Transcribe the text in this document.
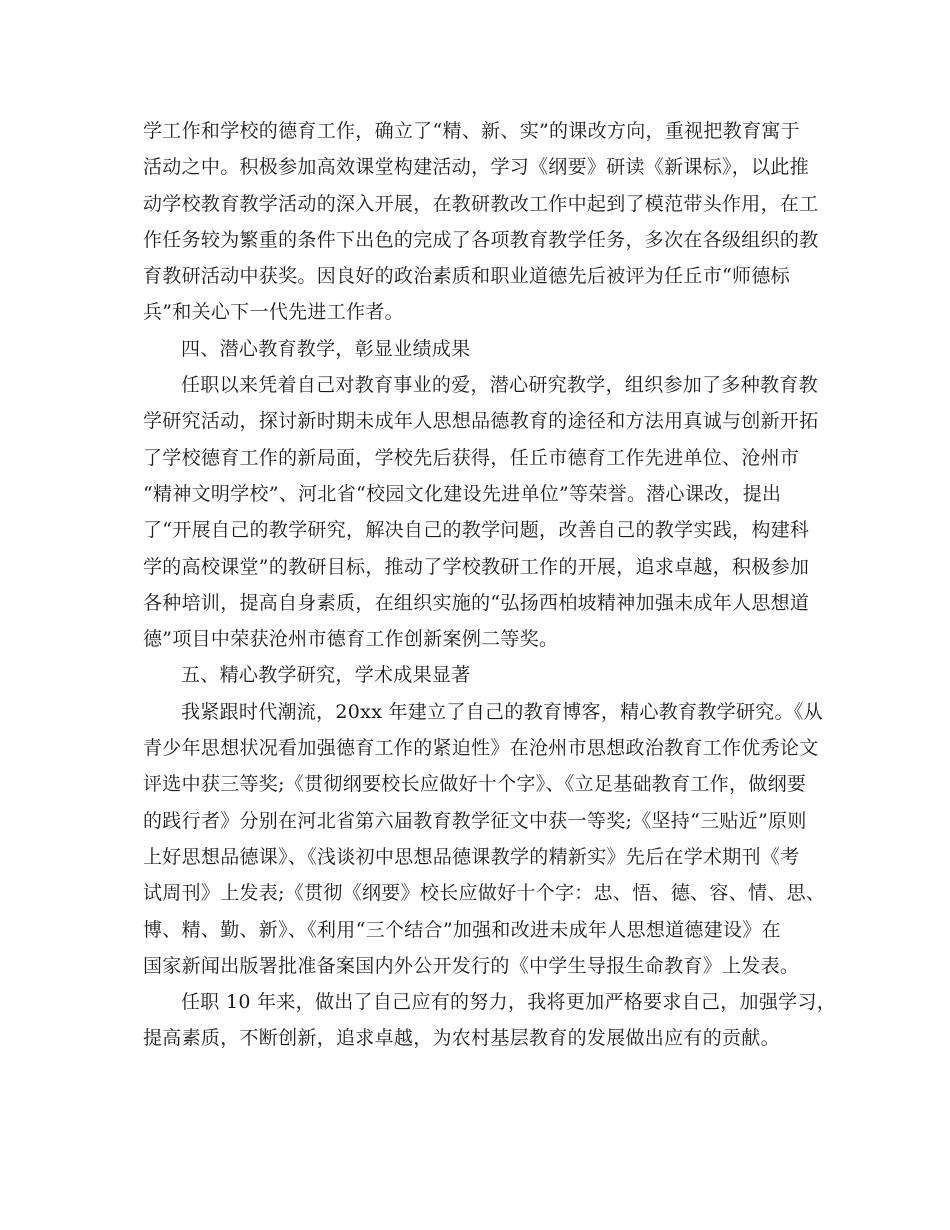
学工作和学校的德育工作，确立了“精、新、实”的课改方向，重视把教育寓于
活动之中。积极参加高效课堂构建活动，学习《纲要》研读《新课标》，以此推
动学校教育教学活动的深入开展，在教研教改工作中起到了模范带头作用，在工
作任务较为繁重的条件下出色的完成了各项教育教学任务，多次在各级组织的教
育教研活动中获奖。因良好的政治素质和职业道德先后被评为任丘市“师德标
兵”和关心下一代先进工作者。
四、潜心教育教学，彰显业绩成果
任职以来凭着自己对教育事业的爱，潜心研究教学，组织参加了多种教育教
学研究活动，探讨新时期未成年人思想品德教育的途径和方法用真诚与创新开拓
了学校德育工作的新局面，学校先后获得，任丘市德育工作先进单位、沧州市
“精神文明学校”、河北省“校园文化建设先进单位”等荣誉。潜心课改，提出
了“开展自己的教学研究，解决自己的教学问题，改善自己的教学实践，构建科
学的高校课堂”的教研目标，推动了学校教研工作的开展，追求卓越，积极参加
各种培训，提高自身素质，在组织实施的“弘扬西柏坡精神加强未成年人思想道
德”项目中荣获沧州市德育工作创新案例二等奖。
五、精心教学研究，学术成果显著
我紧跟时代潮流，20xx 年建立了自己的教育博客，精心教育教学研究。《从
青少年思想状况看加强德育工作的紧迫性》在沧州市思想政治教育工作优秀论文
评选中获三等奖;《贯彻纲要校长应做好十个字》、《立足基础教育工作，做纲要
的践行者》分别在河北省第六届教育教学征文中获一等奖;《坚持“三贴近”原则
上好思想品德课》、《浅谈初中思想品德课教学的精新实》先后在学术期刊《考
试周刊》上发表;《贯彻《纲要》校长应做好十个字：忠、悟、德、容、情、思、
博、精、勤、新》、《利用“三个结合”加强和改进未成年人思想道德建设》在
国家新闻出版署批准备案国内外公开发行的《中学生导报生命教育》上发表。
任职 10 年来，做出了自己应有的努力，我将更加严格要求自己，加强学习，
提高素质，不断创新，追求卓越，为农村基层教育的发展做出应有的贡献。
